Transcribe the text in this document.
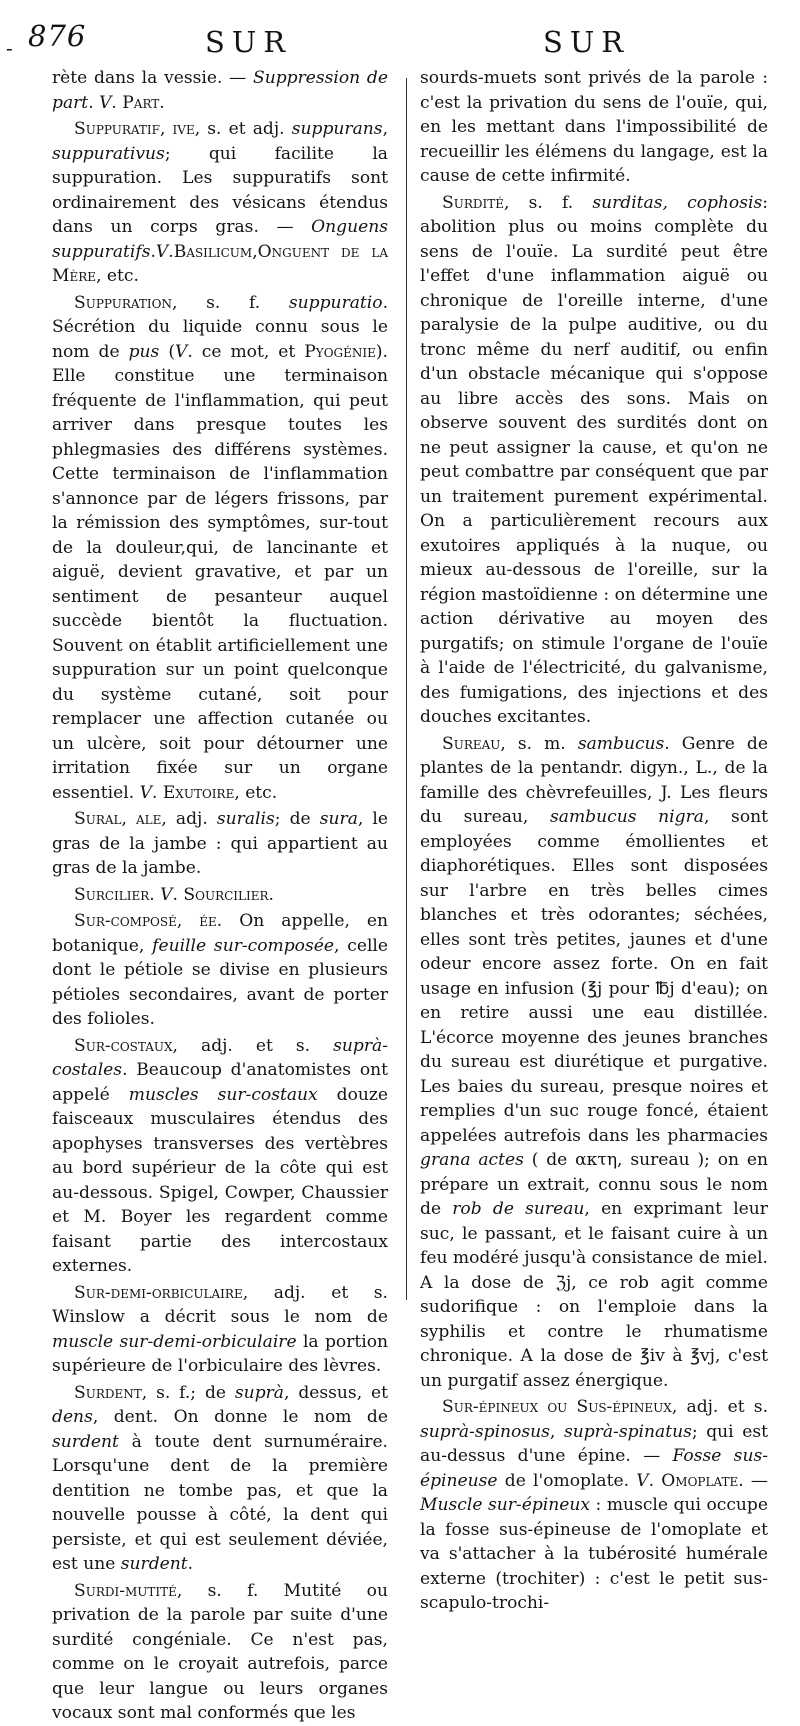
- 876	SUR	SUR

rète dans la vessie. — Suppression de part. V. Part.

Suppuratif, ive, s. et adj. suppurans, suppurativus; qui facilite la suppuration. Les suppuratifs sont ordinairement des vésicans étendus dans un corps gras. — Onguens suppuratifs.V.Basilicum,Onguent de la Mère, etc.

Suppuration, s. f. suppuratio. Sécrétion du liquide connu sous le nom de pus (V. ce mot, et Pyogénie). Elle constitue une terminaison fréquente de l'inflammation, qui peut arriver dans presque toutes les phlegmasies des différens systèmes. Cette terminaison de l'inflammation s'annonce par de légers frissons, par la rémission des symptômes, sur-tout de la douleur,qui, de lancinante et aiguë, devient gravative, et par un sentiment de pesanteur auquel succède bientôt la fluctuation. Souvent on établit artificiellement une suppuration sur un point quelconque du système cutané, soit pour remplacer une affection cutanée ou un ulcère, soit pour détourner une irritation fixée sur un organe essentiel. V. Exutoire, etc.

Sural, ale, adj. suralis; de sura, le gras de la jambe : qui appartient au gras de la jambe.

Surcilier. V. Sourcilier.

Sur-composé, ée. On appelle, en botanique, feuille sur-composée, celle dont le pétiole se divise en plusieurs pétioles secondaires, avant de porter des folioles.

Sur-costaux, adj. et s. suprà-costales. Beaucoup d'anatomistes ont appelé muscles sur-costaux douze faisceaux musculaires étendus des apophyses transverses des vertèbres au bord supérieur de la côte qui est au-dessous. Spigel, Cowper, Chaussier et M. Boyer les regardent comme faisant partie des intercostaux externes.

Sur-demi-orbiculaire, adj. et s. Winslow a décrit sous le nom de muscle sur-demi-orbiculaire la portion supérieure de l'orbiculaire des lèvres.

Surdent, s. f.; de suprà, dessus, et dens, dent. On donne le nom de surdent à toute dent surnuméraire. Lorsqu'une dent de la première dentition ne tombe pas, et que la nouvelle pousse à côté, la dent qui persiste, et qui est seulement déviée, est une surdent.

Surdi-mutité, s. f. Mutité ou privation de la parole par suite d'une surdité congéniale. Ce n'est pas, comme on le croyait autrefois, parce que leur langue ou leurs organes vocaux sont mal conformés que les

sourds-muets sont privés de la parole : c'est la privation du sens de l'ouïe, qui, en les mettant dans l'impossibilité de recueillir les élémens du langage, est la cause de cette infirmité.

Surdité, s. f. surditas, cophosis: abolition plus ou moins complète du sens de l'ouïe. La surdité peut être l'effet d'une inflammation aiguë ou chronique de l'oreille interne, d'une paralysie de la pulpe auditive, ou du tronc même du nerf auditif, ou enfin d'un obstacle mécanique qui s'oppose au libre accès des sons. Mais on observe souvent des surdités dont on ne peut assigner la cause, et qu'on ne peut combattre par conséquent que par un traitement purement expérimental. On a particulièrement recours aux exutoires appliqués à la nuque, ou mieux au-dessous de l'oreille, sur la région mastoïdienne : on détermine une action dérivative au moyen des purgatifs; on stimule l'organe de l'ouïe à l'aide de l'électricité, du galvanisme, des fumigations, des injections et des douches excitantes.

Sureau, s. m. sambucus. Genre de plantes de la pentandr. digyn., L., de la famille des chèvrefeuilles, J. Les fleurs du sureau, sambucus nigra, sont employées comme émollientes et diaphorétiques. Elles sont disposées sur l'arbre en très belles cimes blanches et très odorantes; séchées, elles sont très petites, jaunes et d'une odeur encore assez forte. On en fait usage en infusion (℥j pour ℔j d'eau); on en retire aussi une eau distillée. L'écorce moyenne des jeunes branches du sureau est diurétique et purgative. Les baies du sureau, presque noires et remplies d'un suc rouge foncé, étaient appelées autrefois dans les pharmacies grana actes ( de ακτη, sureau ); on en prépare un extrait, connu sous le nom de rob de sureau, en exprimant leur suc, le passant, et le faisant cuire à un feu modéré jusqu'à consistance de miel. A la dose de ℨj, ce rob agit comme sudorifique : on l'emploie dans la syphilis et contre le rhumatisme chronique. A la dose de ℥iv à ℥vj, c'est un purgatif assez énergique.

Sur-épineux ou Sus-épineux, adj. et s. suprà-spinosus, suprà-spinatus; qui est au-dessus d'une épine. — Fosse sus-épineuse de l'omoplate. V. Omoplate. — Muscle sur-épineux : muscle qui occupe la fosse sus-épineuse de l'omoplate et va s'attacher à la tubérosité humérale externe (trochiter) : c'est le petit sus-scapulo-trochi-
